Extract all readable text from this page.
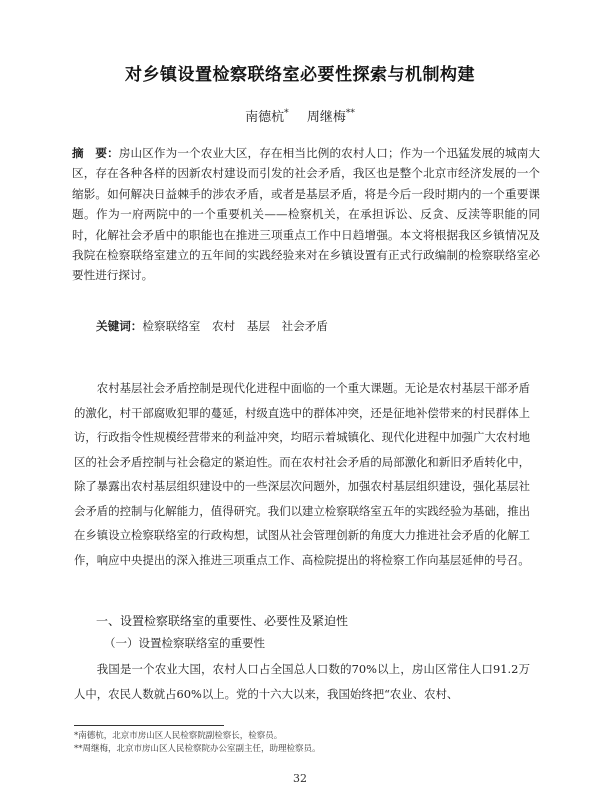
对乡镇设置检察联络室必要性探索与机制构建
南德杭* 周继梅**
摘　要：房山区作为一个农业大区，存在相当比例的农村人口；作为一个迅猛发展的城南大区，存在各种各样的因新农村建设而引发的社会矛盾，我区也是整个北京市经济发展的一个缩影。如何解决日益棘手的涉农矛盾，或者是基层矛盾，将是今后一段时期内的一个重要课题。作为一府两院中的一个重要机关——检察机关，在承担诉讼、反贪、反渎等职能的同时，化解社会矛盾中的职能也在推进三项重点工作中日趋增强。本文将根据我区乡镇情况及我院在检察联络室建立的五年间的实践经验来对在乡镇设置有正式行政编制的检察联络室必要性进行探讨。
关键词：检察联络室　农村　基层　社会矛盾

农村基层社会矛盾控制是现代化进程中面临的一个重大课题。无论是农村基层干部矛盾的激化，村干部腐败犯罪的蔓延，村级直选中的群体冲突，还是征地补偿带来的村民群体上访，行政指令性规模经营带来的利益冲突，均昭示着城镇化、现代化进程中加强广大农村地区的社会矛盾控制与社会稳定的紧迫性。而在农村社会矛盾的局部激化和新旧矛盾转化中，除了暴露出农村基层组织建设中的一些深层次问题外，加强农村基层组织建设，强化基层社会矛盾的控制与化解能力，值得研究。我们以建立检察联络室五年的实践经验为基础，推出在乡镇设立检察联络室的行政构想，试图从社会管理创新的角度大力推进社会矛盾的化解工作，响应中央提出的深入推进三项重点工作、高检院提出的将检察工作向基层延伸的号召。

一、设置检察联络室的重要性、必要性及紧迫性
（一）设置检察联络室的重要性

我国是一个农业大国，农村人口占全国总人口数的70%以上，房山区常住人口91.2万人中，农民人数就占60%以上。党的十六大以来，我国始终把“农业、农村、

*南德杭，北京市房山区人民检察院副检察长，检察员。
**周继梅，北京市房山区人民检察院办公室副主任，助理检察员。
32
